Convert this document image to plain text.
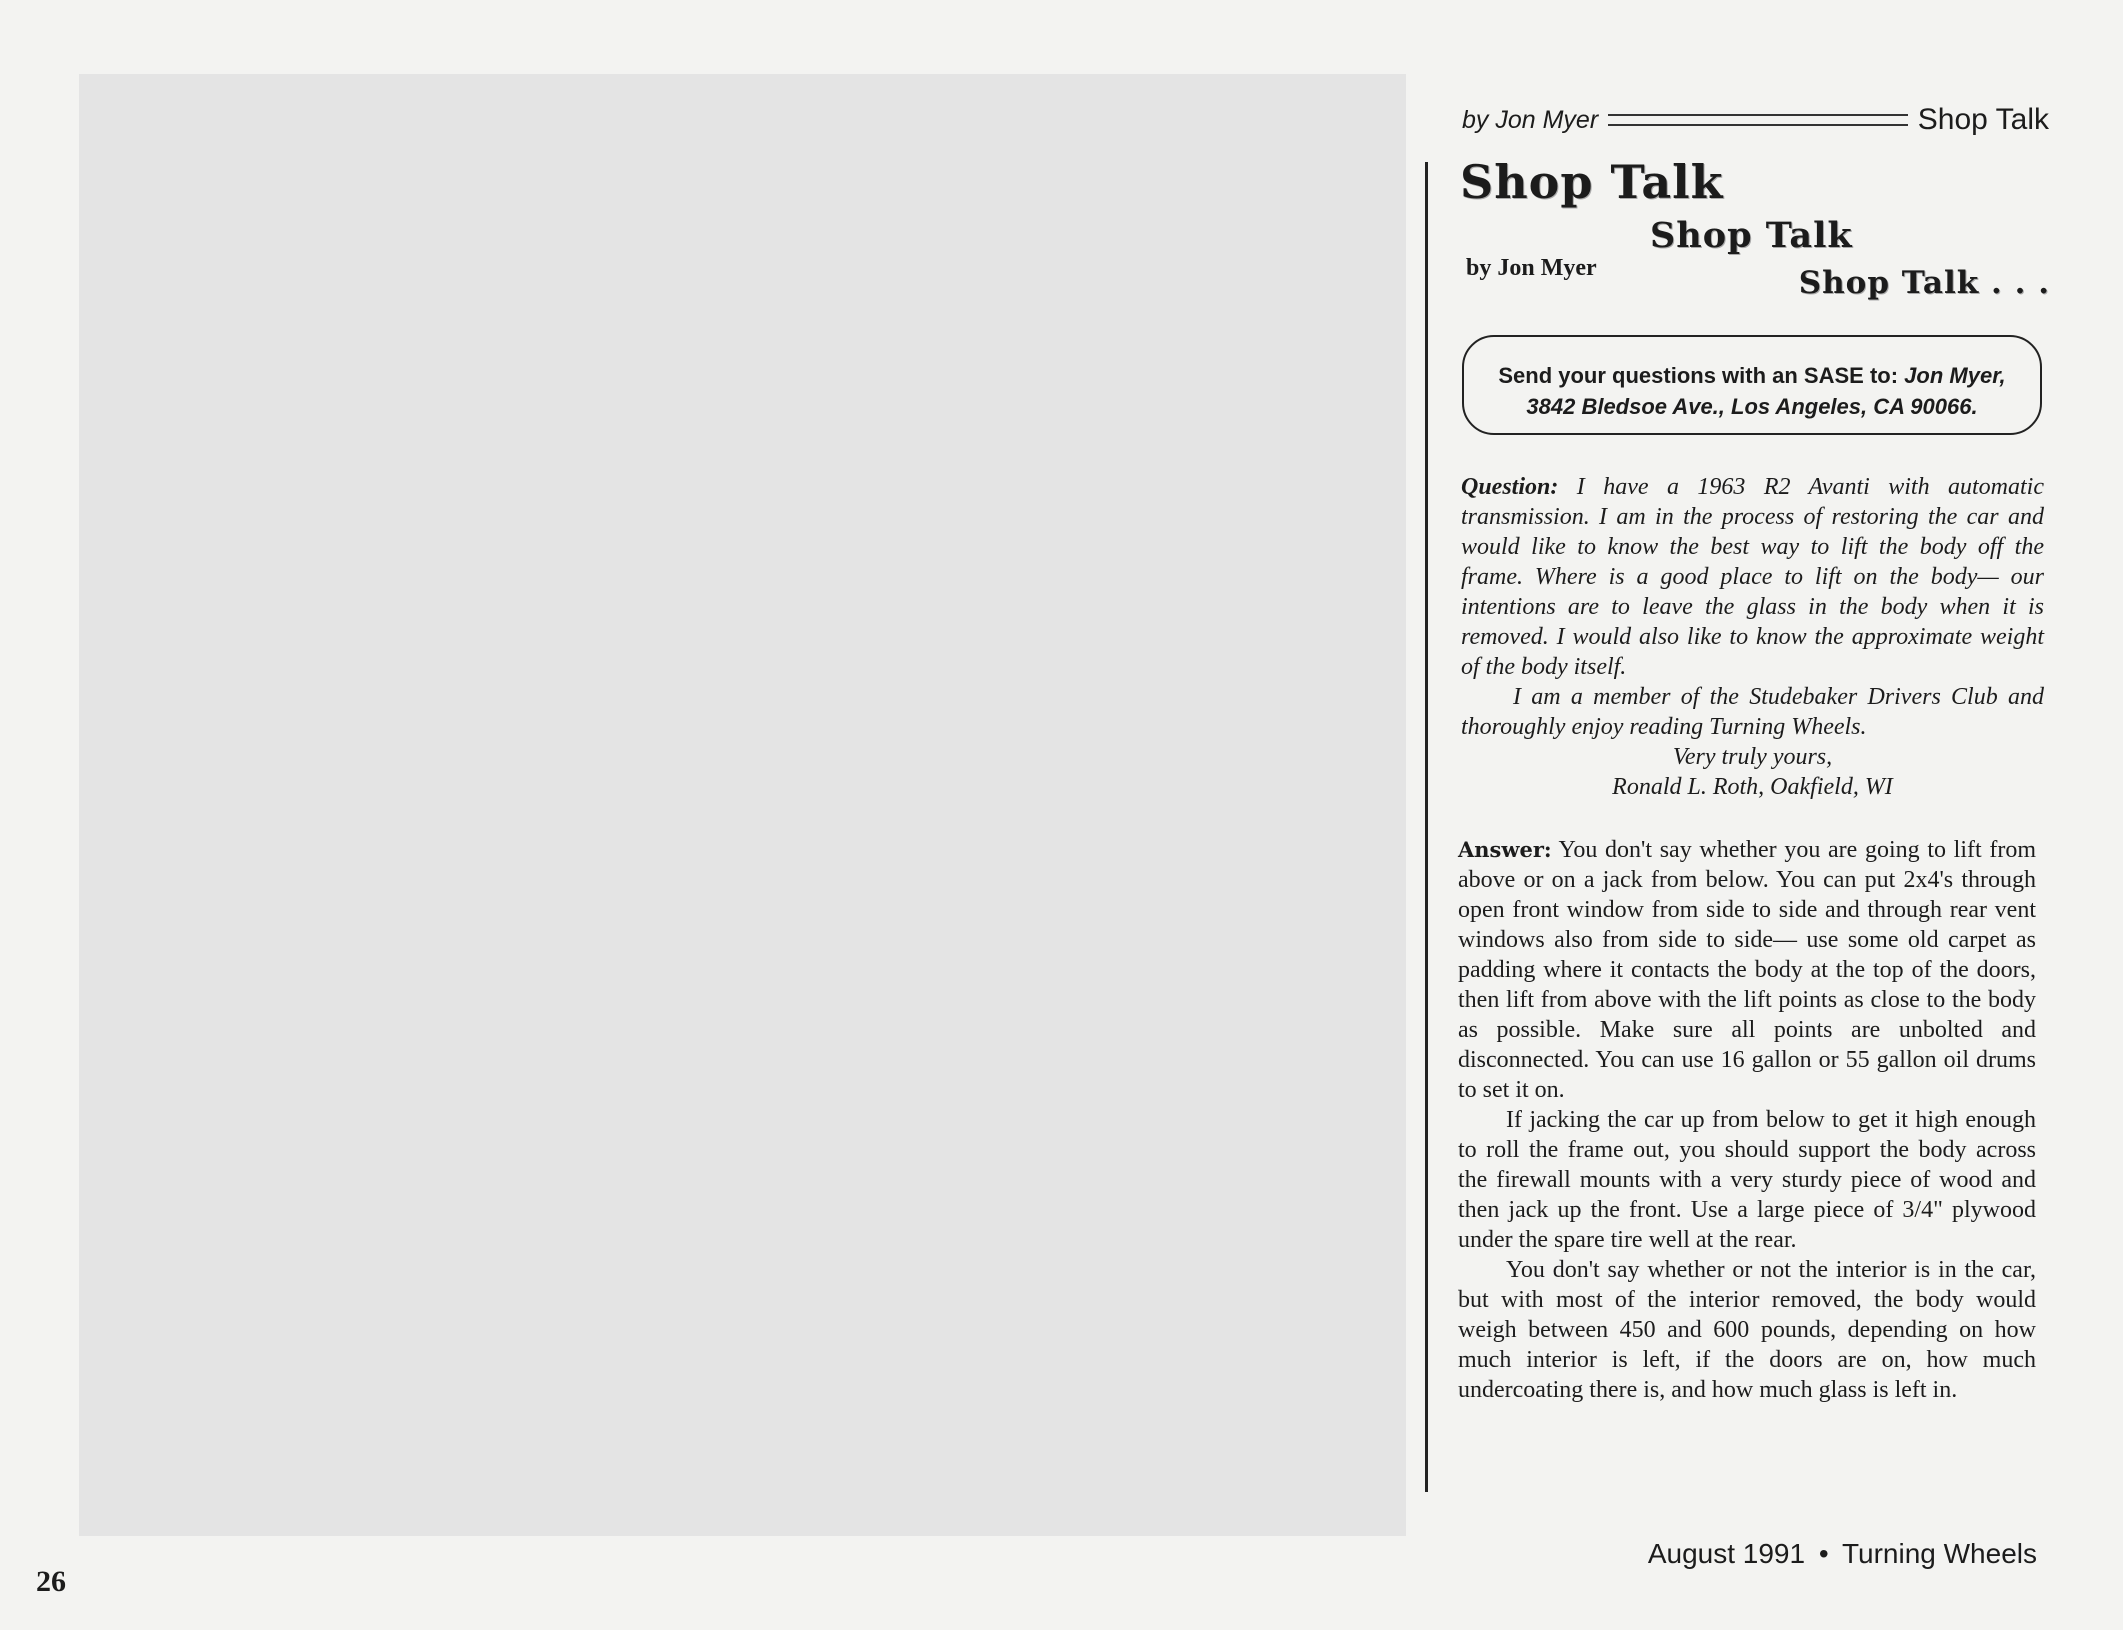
by Jon Myer	Shop Talk
Shop Talk
Shop Talk
by Jon Myer	Shop Talk . . .
Send your questions with an SASE to: Jon Myer,
3842 Bledsoe Ave., Los Angeles, CA 90066.

Question: I have a 1963 R2 Avanti with automatic transmission. I am in the process of restoring the car and would like to know the best way to lift the body off the frame. Where is a good place to lift on the body— our intentions are to leave the glass in the body when it is removed. I would also like to know the approximate weight of the body itself.

I am a member of the Studebaker Drivers Club and thoroughly enjoy reading Turning Wheels.

Very truly yours,

Ronald L. Roth, Oakfield, WI

Answer: You don't say whether you are going to lift from above or on a jack from below. You can put 2x4's through open front window from side to side and through rear vent windows also from side to side— use some old carpet as padding where it contacts the body at the top of the doors, then lift from above with the lift points as close to the body as possible. Make sure all points are unbolted and disconnected. You can use 16 gallon or 55 gallon oil drums to set it on.

If jacking the car up from below to get it high enough to roll the frame out, you should support the body across the firewall mounts with a very sturdy piece of wood and then jack up the front. Use a large piece of 3/4" plywood under the spare tire well at the rear.

You don't say whether or not the interior is in the car, but with most of the interior removed, the body would weigh between 450 and 600 pounds, depending on how much interior is left, if the doors are on, how much undercoating there is, and how much glass is left in.

26
August 1991 • Turning Wheels
